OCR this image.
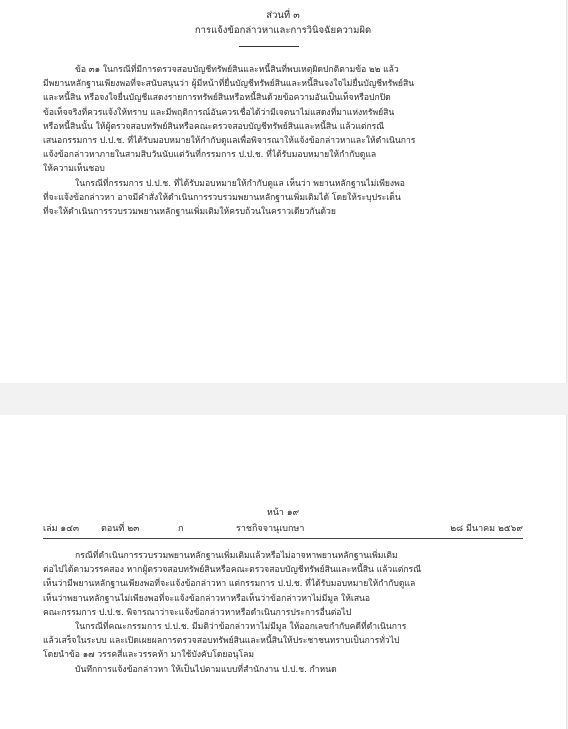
ส่วนที่ ๓
การแจ้งข้อกล่าวหาและการวินิจฉัยความผิด
ข้อ ๓๑ ในกรณีที่มีการตรวจสอบบัญชีทรัพย์สินและหนี้สินที่พบเหตุผิดปกติตามข้อ ๒๒ แล้ว
มีพยานหลักฐานเพียงพอที่จะสนับสนุนว่า ผู้มีหน้าที่ยื่นบัญชีทรัพย์สินและหนี้สินจงใจไม่ยื่นบัญชีทรัพย์สิน
และหนี้สิน หรือจงใจยื่นบัญชีแสดงรายการทรัพย์สินหรือหนี้สินด้วยข้อความอันเป็นเท็จหรือปกปิด
ข้อเท็จจริงที่ควรแจ้งให้ทราบ และมีพฤติการณ์อันควรเชื่อได้ว่ามีเจตนาไม่แสดงที่มาแห่งทรัพย์สิน
หรือหนี้สินนั้น ให้ผู้ตรวจสอบทรัพย์สินหรือคณะตรวจสอบบัญชีทรัพย์สินและหนี้สิน แล้วแต่กรณี
เสนอกรรมการ ป.ป.ช. ที่ได้รับมอบหมายให้กำกับดูแลเพื่อพิจารณาให้แจ้งข้อกล่าวหาและให้ดำเนินการ
แจ้งข้อกล่าวหาภายในสามสิบวันนับแต่วันที่กรรมการ ป.ป.ช. ที่ได้รับมอบหมายให้กำกับดูแล
ให้ความเห็นชอบ
ในกรณีที่กรรมการ ป.ป.ช. ที่ได้รับมอบหมายให้กำกับดูแล เห็นว่า พยานหลักฐานไม่เพียงพอ
ที่จะแจ้งข้อกล่าวหา อาจมีคำสั่งให้ดำเนินการรวบรวมพยานหลักฐานเพิ่มเติมได้ โดยให้ระบุประเด็น
ที่จะให้ดำเนินการรวบรวมพยานหลักฐานเพิ่มเติมให้ครบถ้วนในคราวเดียวกันด้วย
หน้า ๑๙
เล่ม ๑๔๓ ตอนที่ ๒๓	ก	ราชกิจจานุเบกษา	๒๘ มีนาคม ๒๕๖๙
กรณีที่ดำเนินการรวบรวมพยานหลักฐานเพิ่มเติมแล้วหรือไม่อาจหาพยานหลักฐานเพิ่มเติม
ต่อไปได้ตามวรรคสอง หากผู้ตรวจสอบทรัพย์สินหรือคณะตรวจสอบบัญชีทรัพย์สินและหนี้สิน แล้วแต่กรณี
เห็นว่ามีพยานหลักฐานเพียงพอที่จะแจ้งข้อกล่าวหา แต่กรรมการ ป.ป.ช. ที่ได้รับมอบหมายให้กำกับดูแล
เห็นว่าพยานหลักฐานไม่เพียงพอที่จะแจ้งข้อกล่าวหาหรือเห็นว่าข้อกล่าวหาไม่มีมูล ให้เสนอ
คณะกรรมการ ป.ป.ช. พิจารณาว่าจะแจ้งข้อกล่าวหาหรือดำเนินการประการอื่นต่อไป
ในกรณีที่คณะกรรมการ ป.ป.ช. มีมติว่าข้อกล่าวหาไม่มีมูล ให้ออกเลขกำกับคดีที่ดำเนินการ
แล้วเสร็จในระบบ และเปิดเผยผลการตรวจสอบทรัพย์สินและหนี้สินให้ประชาชนทราบเป็นการทั่วไป
โดยนำข้อ ๑๗ วรรคสี่และวรรคห้า มาใช้บังคับโดยอนุโลม
บันทึกการแจ้งข้อกล่าวหา ให้เป็นไปตามแบบที่สำนักงาน ป.ป.ช. กำหนด
